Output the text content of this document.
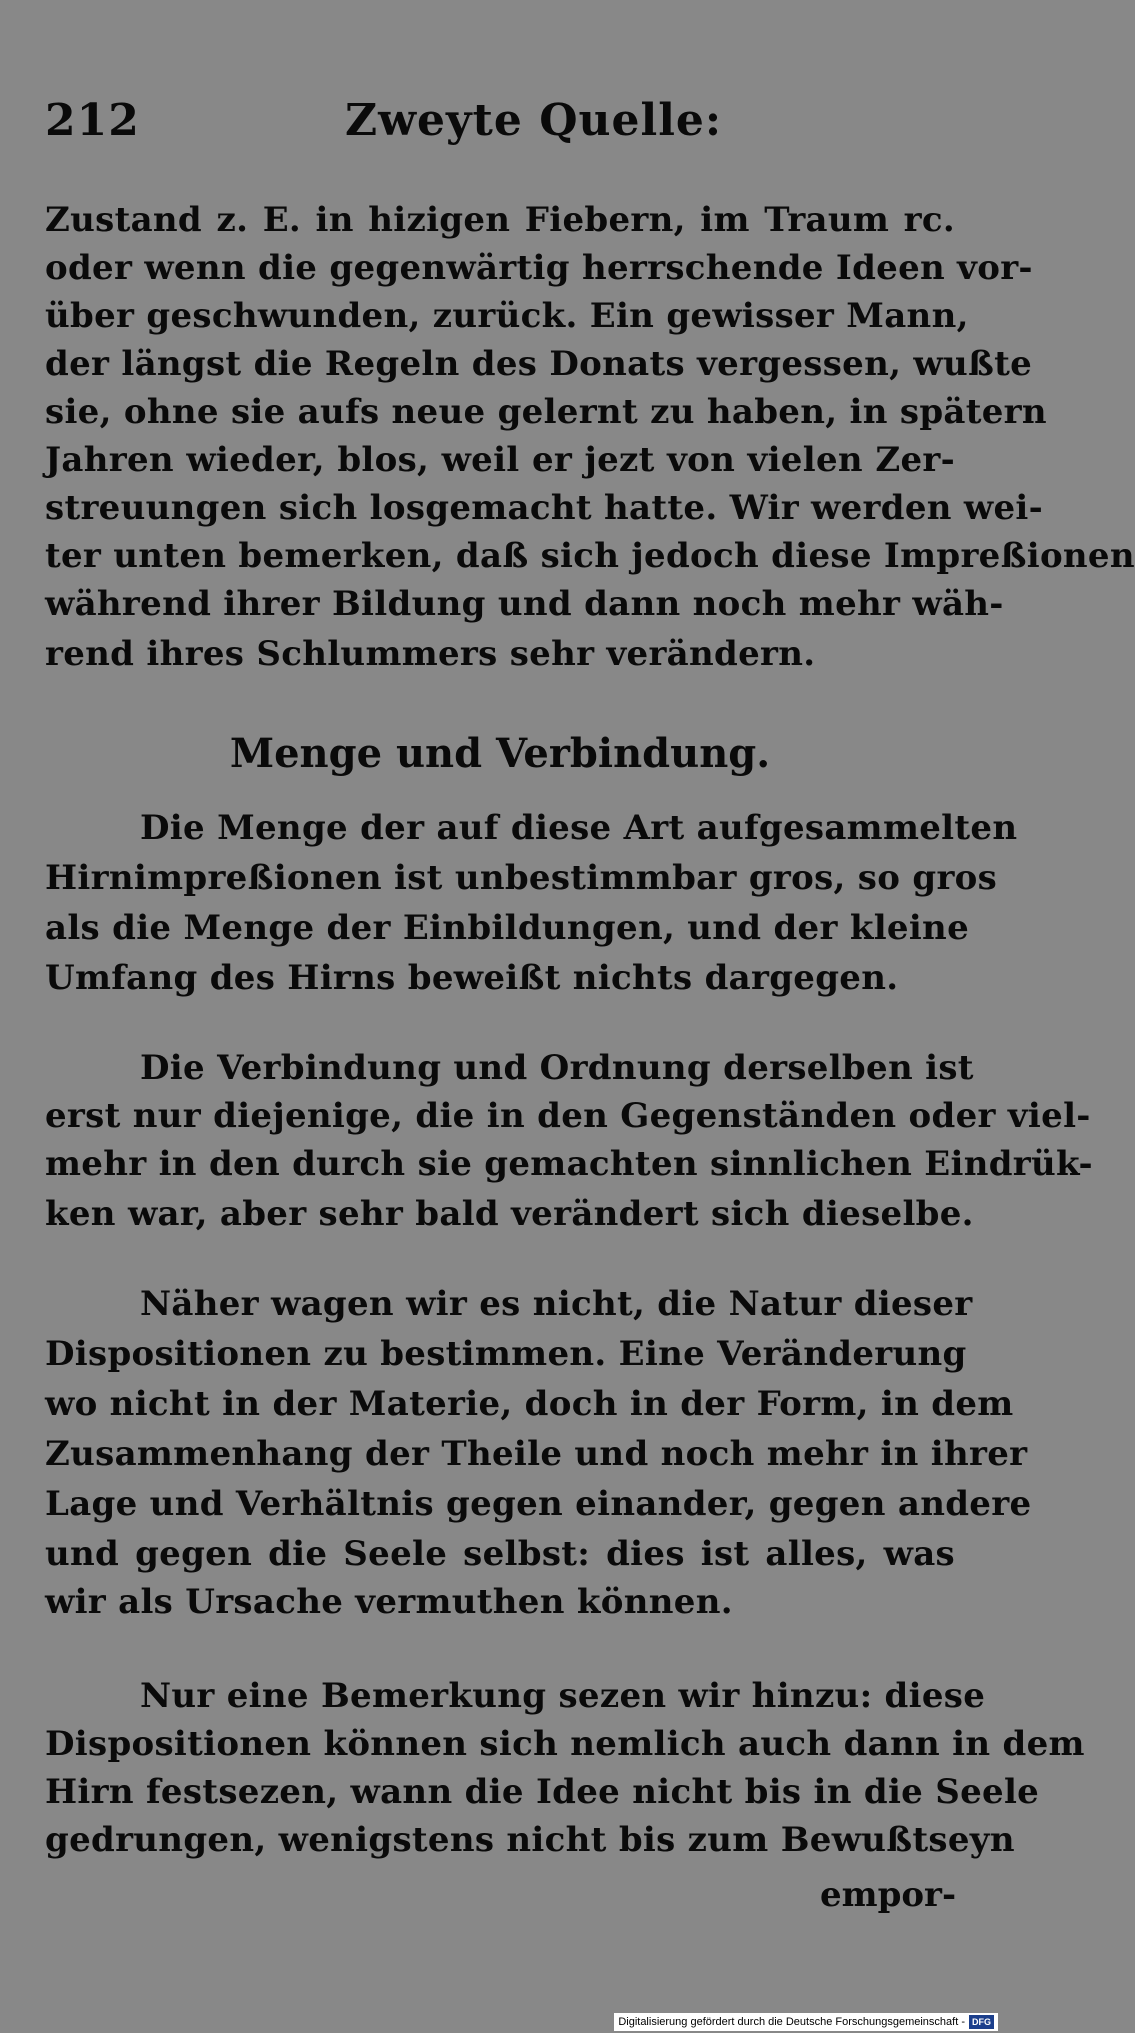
212	Zweyte Quelle:
Zustand z. E. in hizigen Fiebern, im Traum rc.
oder wenn die gegenwärtig herrschende Ideen vor-
über geschwunden, zurück. Ein gewisser Mann,
der längst die Regeln des Donats vergessen, wußte
sie, ohne sie aufs neue gelernt zu haben, in spätern
Jahren wieder, blos, weil er jezt von vielen Zer-
streuungen sich losgemacht hatte. Wir werden wei-
ter unten bemerken, daß sich jedoch diese Impreßionen
während ihrer Bildung und dann noch mehr wäh-
rend ihres Schlummers sehr verändern.
Menge und Verbindung.
Die Menge der auf diese Art aufgesammelten
Hirnimpreßionen ist unbestimmbar gros, so gros
als die Menge der Einbildungen, und der kleine
Umfang des Hirns beweißt nichts dargegen.
Die Verbindung und Ordnung derselben ist
erst nur diejenige, die in den Gegenständen oder viel-
mehr in den durch sie gemachten sinnlichen Eindrük-
ken war, aber sehr bald verändert sich dieselbe.
Näher wagen wir es nicht, die Natur dieser
Dispositionen zu bestimmen. Eine Veränderung
wo nicht in der Materie, doch in der Form, in dem
Zusammenhang der Theile und noch mehr in ihrer
Lage und Verhältnis gegen einander, gegen andere
und gegen die Seele selbst: dies ist alles, was
wir als Ursache vermuthen können.
Nur eine Bemerkung sezen wir hinzu: diese
Dispositionen können sich nemlich auch dann in dem
Hirn festsezen, wann die Idee nicht bis in die Seele
gedrungen, wenigstens nicht bis zum Bewußtseyn
empor-
Digitalisierung gefördert durch die Deutsche Forschungsgemeinschaft - DFG
